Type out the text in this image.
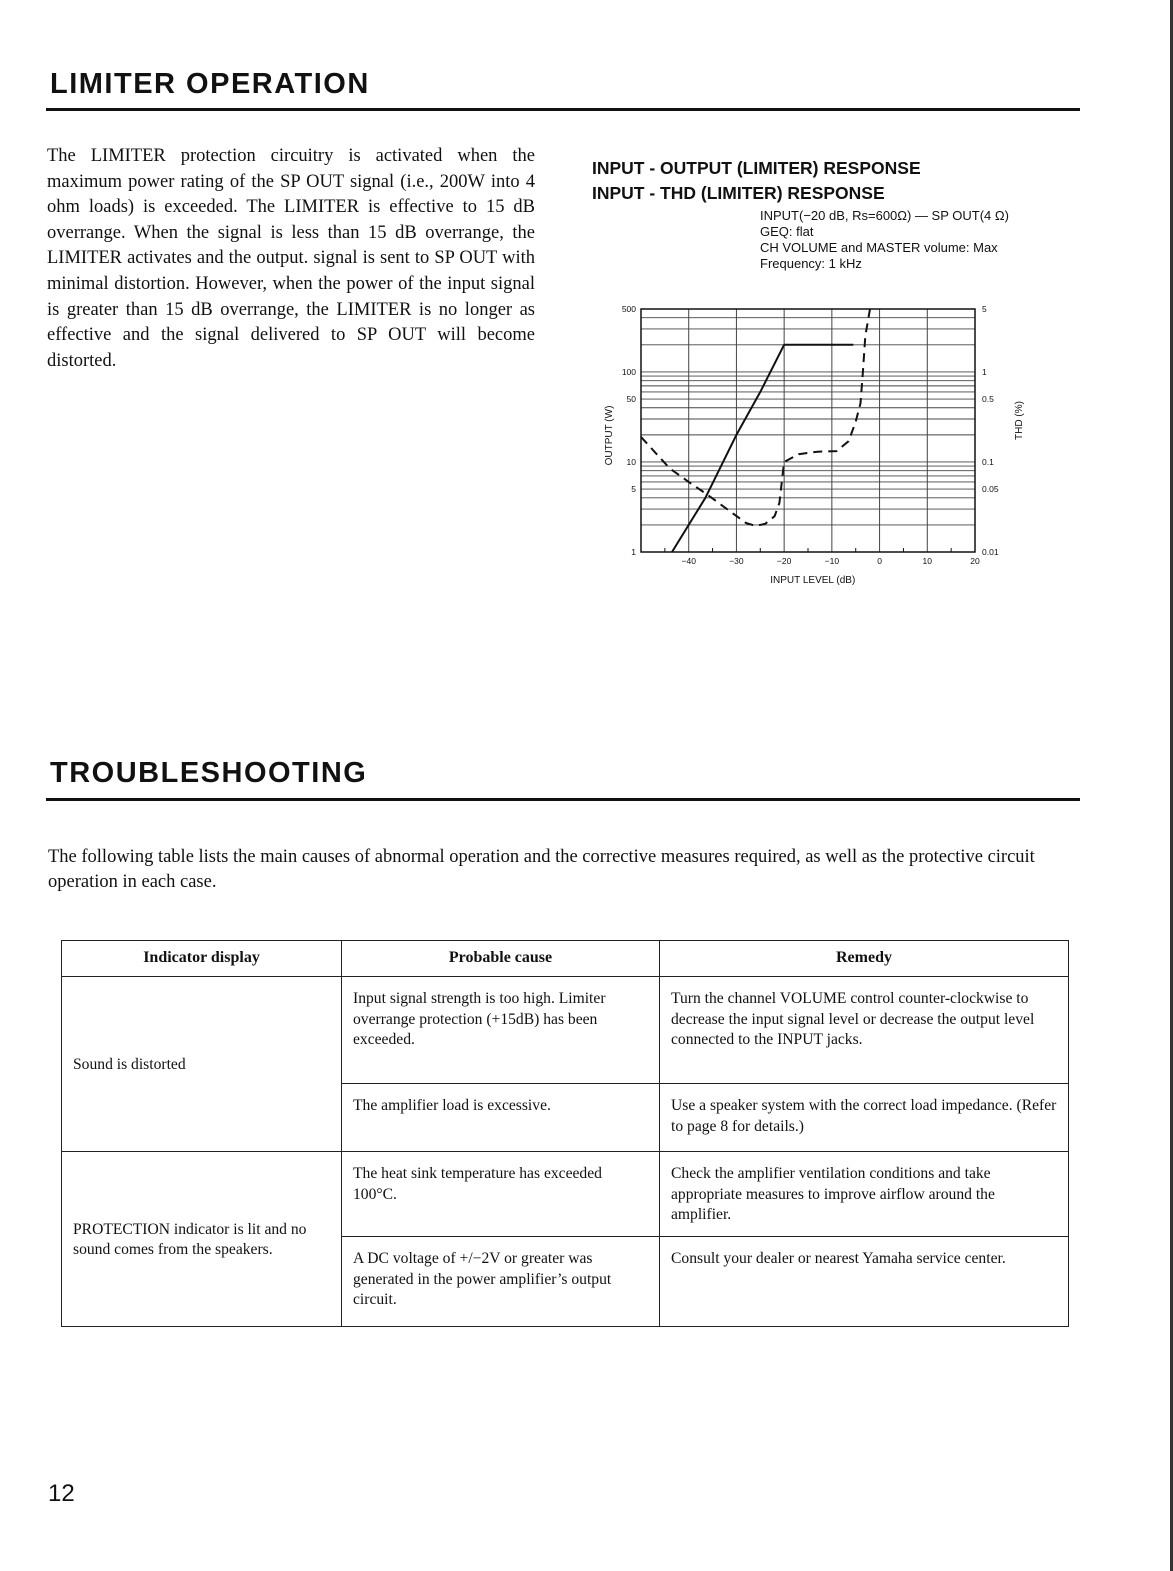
LIMITER OPERATION

The LIMITER protection circuitry is activated when the maximum power rating of the SP OUT signal (i.e., 200W into 4 ohm loads) is exceeded. The LIMITER is effective to 15 dB overrange. When the signal is less than 15 dB overrange, the LIMITER activates and the output. signal is sent to SP OUT with minimal distortion. However, when the power of the input signal is greater than 15 dB overrange, the LIMITER is no longer as effective and the signal delivered to SP OUT will become distorted.

INPUT - OUTPUT (LIMITER) RESPONSE
INPUT - THD (LIMITER) RESPONSE

INPUT(−20 dB, Rs=600Ω) — SP OUT(4 Ω)

GEQ: flat

CH VOLUME and MASTER volume: Max

Frequency: 1 kHz

−40	−30	−20	−10	0	10	20
1
5
10
50
100
500
0.01
0.05
0.1
0.5
1
5
INPUT LEVEL (dB)
OUTPUT (W)	THD (%)
TROUBLESHOOTING

The following table lists the main causes of abnormal operation and the corrective measures required, as well as the protective circuit operation in each case.

Indicator display	Probable cause	Remedy
Sound is distorted	Input signal strength is too high. Limiter overrange protection (+15dB) has been exceeded.	Turn the channel VOLUME control counter-clockwise to decrease the input signal level or decrease the output level connected to the INPUT jacks.
	The amplifier load is excessive.	Use a speaker system with the correct load impedance. (Refer to page 8 for details.)
PROTECTION indicator is lit and no sound comes from the speakers.	The heat sink temperature has exceeded 100°C.	Check the amplifier ventilation conditions and take appropriate measures to improve airflow around the amplifier.
	A DC voltage of +/−2V or greater was generated in the power amplifier’s output circuit.	Consult your dealer or nearest Yamaha service center.

12
